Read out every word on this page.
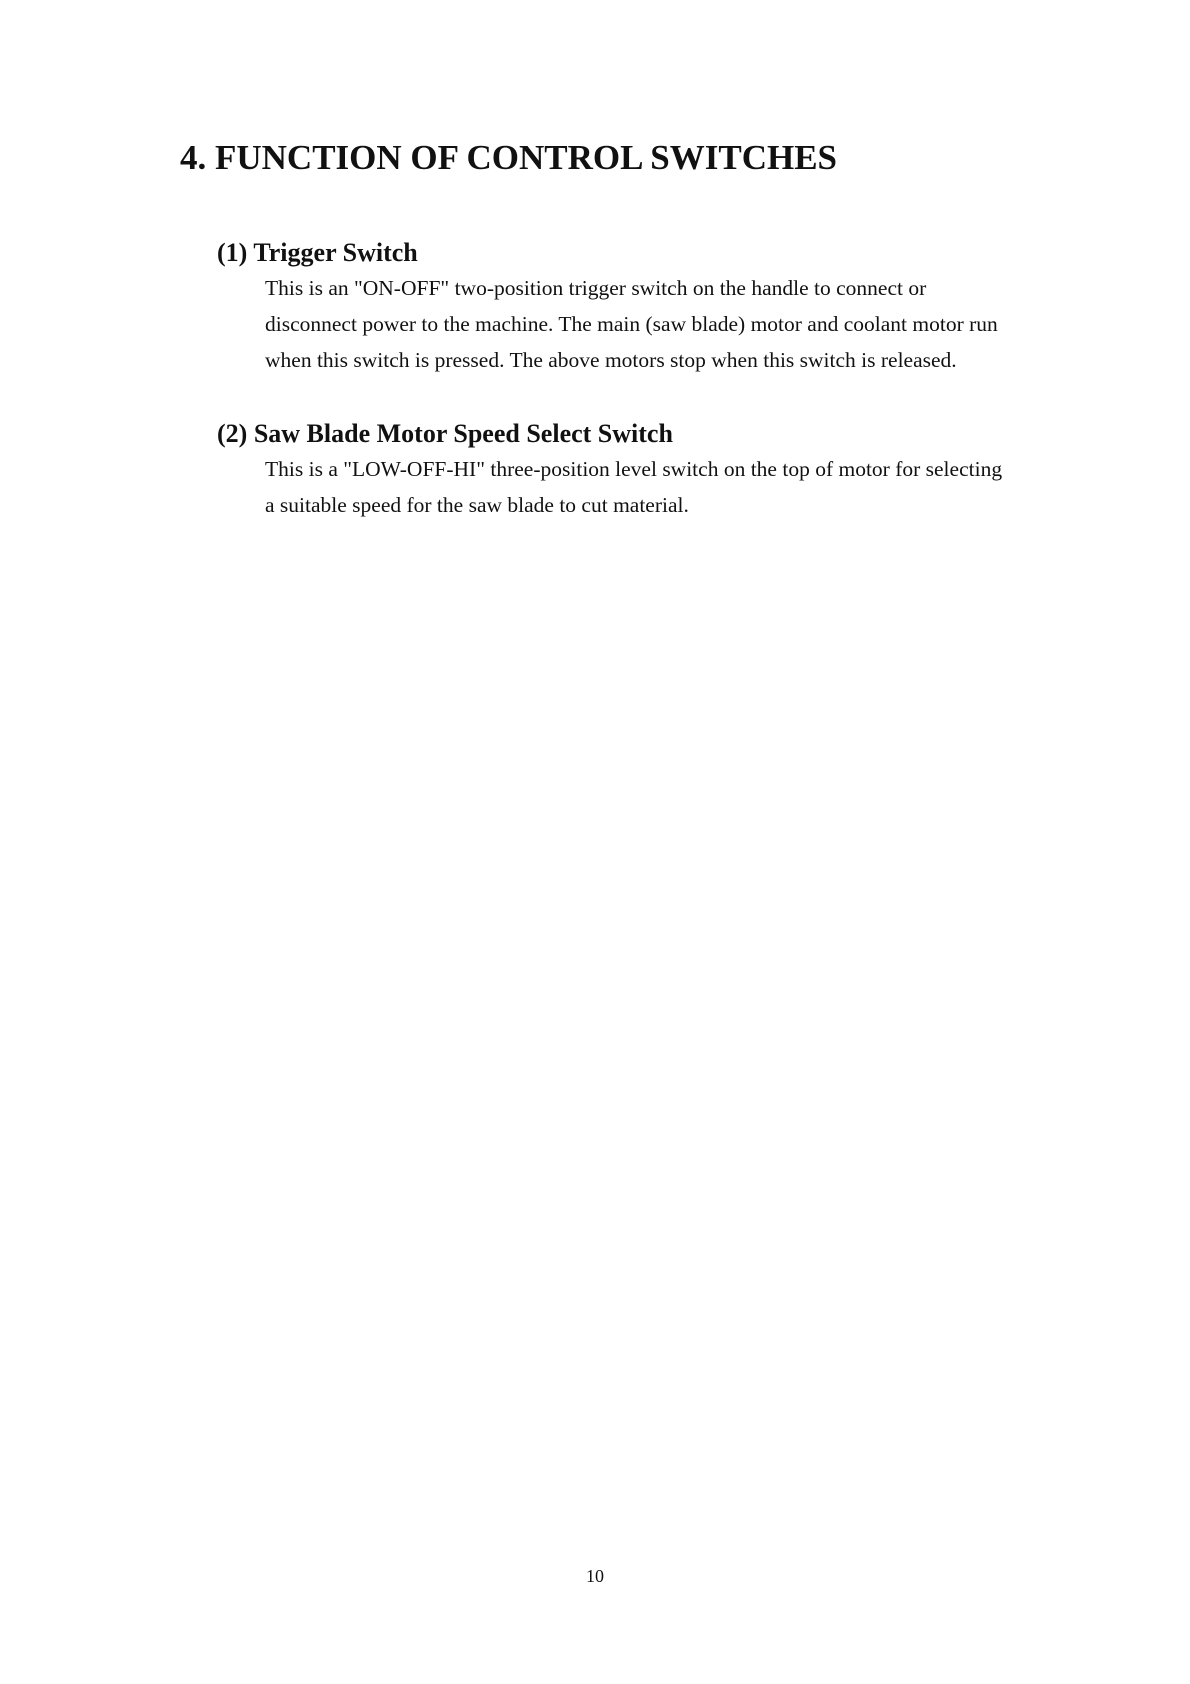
4. FUNCTION OF CONTROL SWITCHES
(1) Trigger Switch

This is an "ON-OFF" two-position trigger switch on the handle to connect or
disconnect power to the machine. The main (saw blade) motor and coolant motor run
when this switch is pressed. The above motors stop when this switch is released.

(2) Saw Blade Motor Speed Select Switch

This is a "LOW-OFF-HI" three-position level switch on the top of motor for selecting
a suitable speed for the saw blade to cut material.

10
